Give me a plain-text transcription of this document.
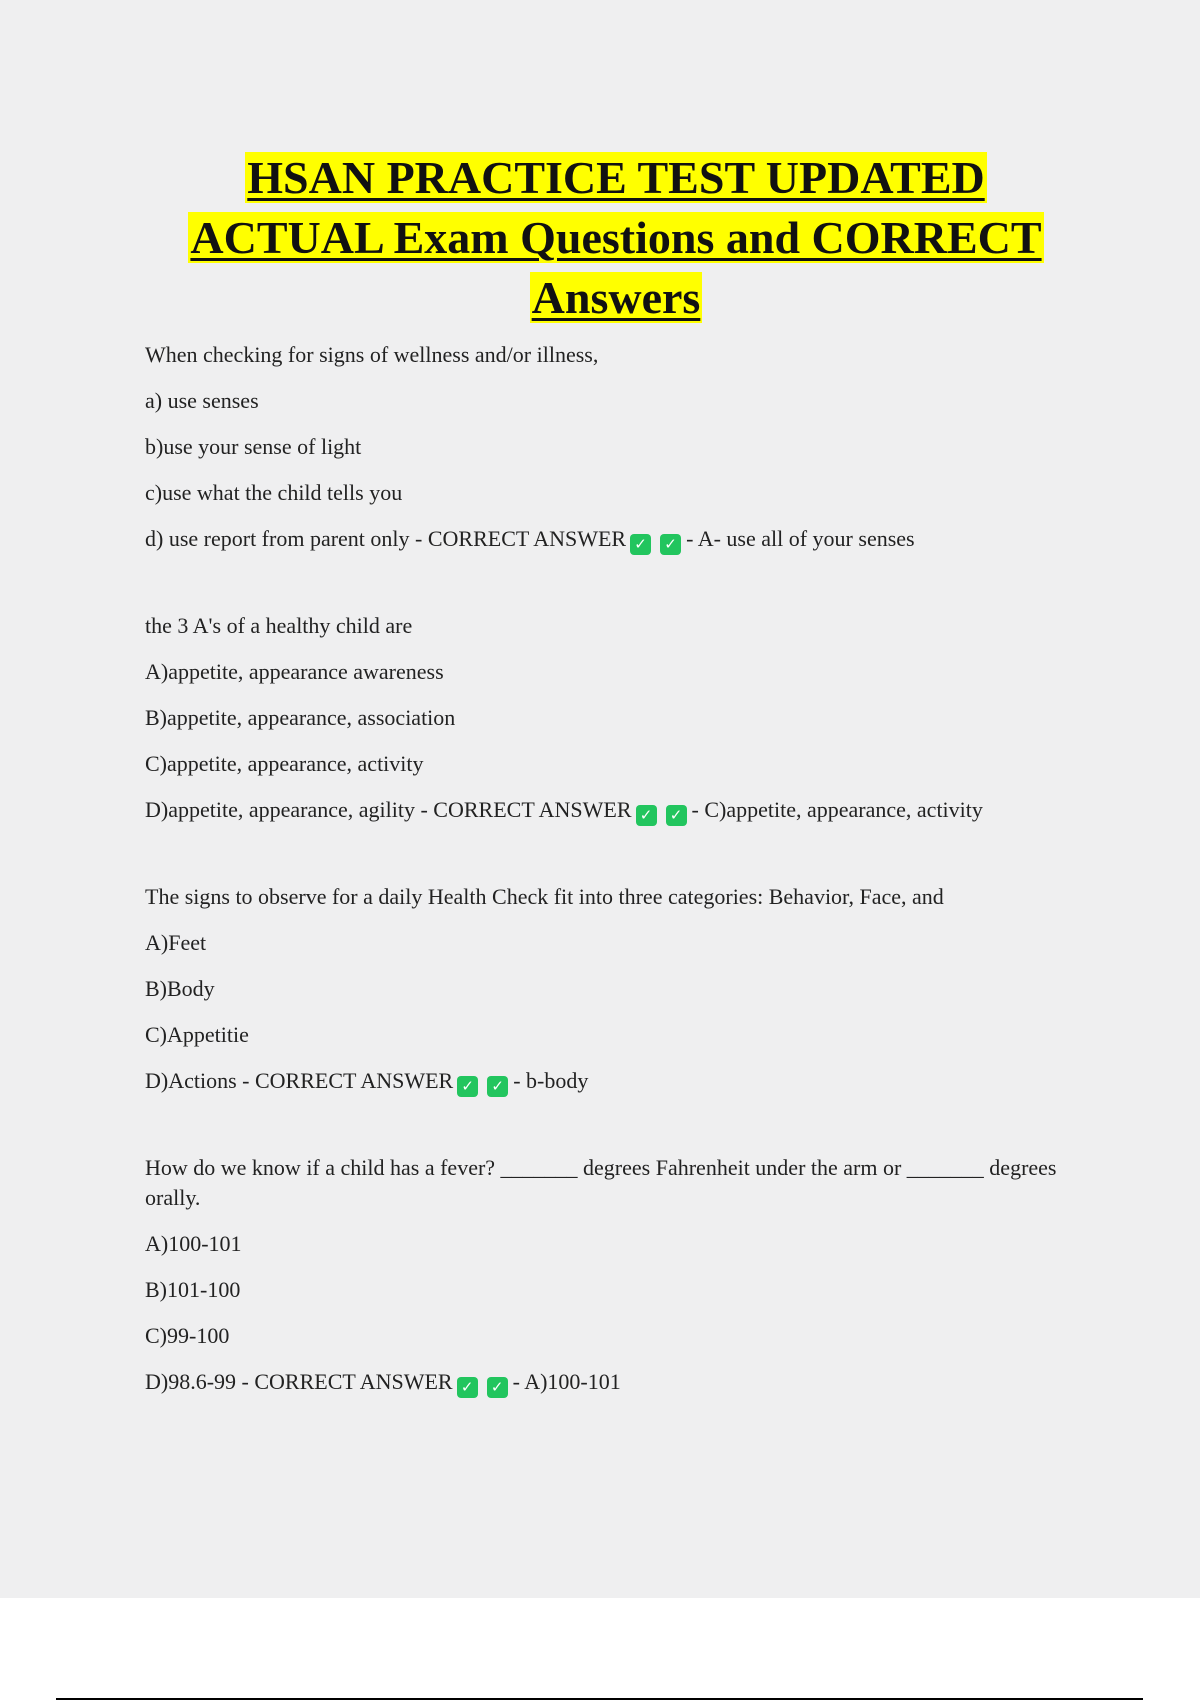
HSAN PRACTICE TEST UPDATED
ACTUAL Exam Questions and CORRECT
Answers
When checking for signs of wellness and/or illness,
a) use senses
b)use your sense of light
c)use what the child tells you
d) use report from parent only - CORRECT ANSWER ✓ ✓ - A- use all of your senses
the 3 A's of a healthy child are
A)appetite, appearance awareness
B)appetite, appearance, association
C)appetite, appearance, activity
D)appetite, appearance, agility - CORRECT ANSWER ✓ ✓ - C)appetite, appearance, activity
The signs to observe for a daily Health Check fit into three categories: Behavior, Face, and
A)Feet
B)Body
C)Appetitie
D)Actions - CORRECT ANSWER ✓ ✓ - b-body
How do we know if a child has a fever? _______ degrees Fahrenheit under the arm or _______ degrees orally.
A)100-101
B)101-100
C)99-100
D)98.6-99 - CORRECT ANSWER ✓ ✓ - A)100-101
